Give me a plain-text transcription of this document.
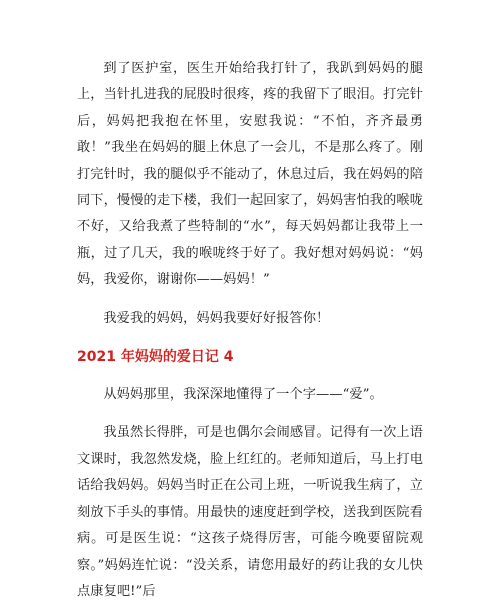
到了医护室，医生开始给我打针了，我趴到妈妈的腿上，当针扎进我的屁股时很疼，疼的我留下了眼泪。打完针后，妈妈把我抱在怀里，安慰我说：“不怕，齐齐最勇敢！”我坐在妈妈的腿上休息了一会儿，不是那么疼了。刚打完针时，我的腿似乎不能动了，休息过后，我在妈妈的陪同下，慢慢的走下楼，我们一起回家了，妈妈害怕我的喉咙不好，又给我煮了些特制的“水”，每天妈妈都让我带上一瓶，过了几天，我的喉咙终于好了。我好想对妈妈说：“妈妈，我爱你，谢谢你——妈妈！”

我爱我的妈妈，妈妈我要好好报答你！

2021 年妈妈的爱日记 4

从妈妈那里，我深深地懂得了一个字——“爱”。

我虽然长得胖，可是也偶尔会闹感冒。记得有一次上语文课时，我忽然发烧，脸上红红的。老师知道后，马上打电话给我妈妈。妈妈当时正在公司上班，一听说我生病了，立刻放下手头的事情。用最快的速度赶到学校，送我到医院看病。可是医生说：“这孩子烧得厉害，可能今晚要留院观察。”妈妈连忙说：“没关系，请您用最好的药让我的女儿快点康复吧!”后
